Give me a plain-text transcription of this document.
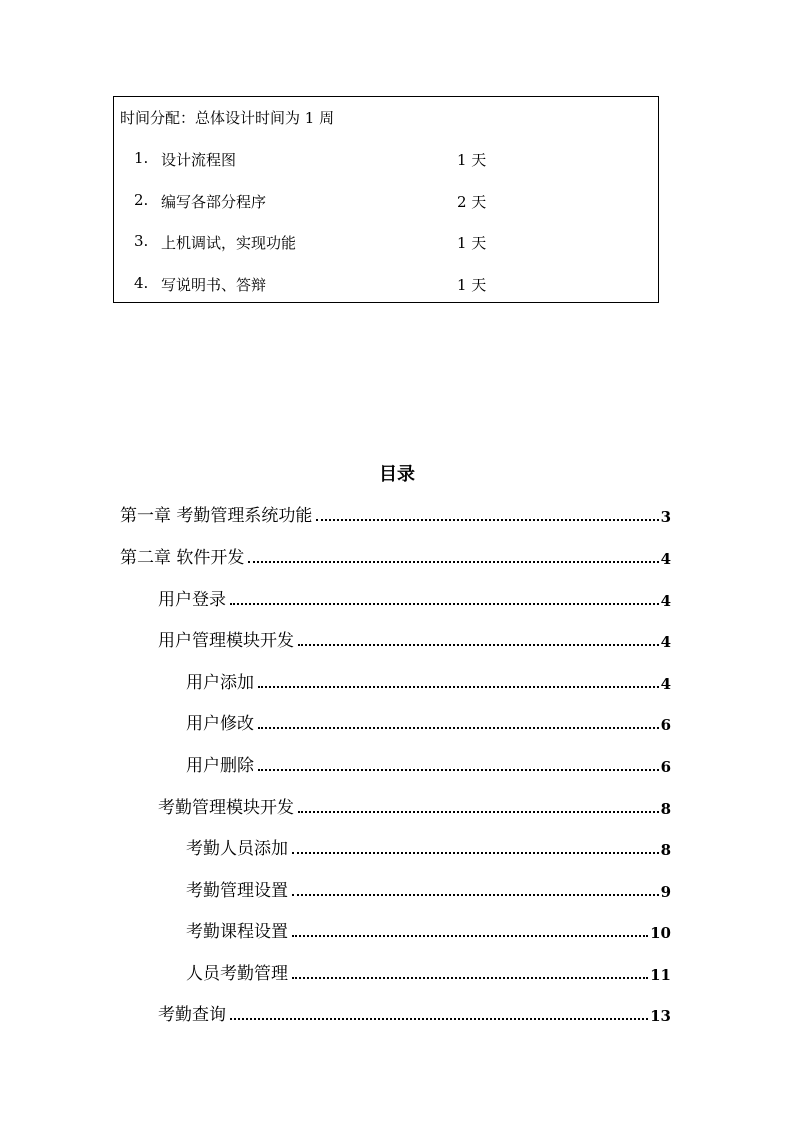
时间分配：总体设计时间为 1 周
1. 设计流程图	1 天
2. 编写各部分程序	2 天
3. 上机调试，实现功能	1 天
4. 写说明书、答辩	1 天
目录
第一章 考勤管理系统功能	3
第二章 软件开发	4
用户登录	4
用户管理模块开发	4
用户添加	4
用户修改	6
用户删除	6
考勤管理模块开发	8
考勤人员添加	8
考勤管理设置	9
考勤课程设置	10
人员考勤管理	11
考勤查询	13
